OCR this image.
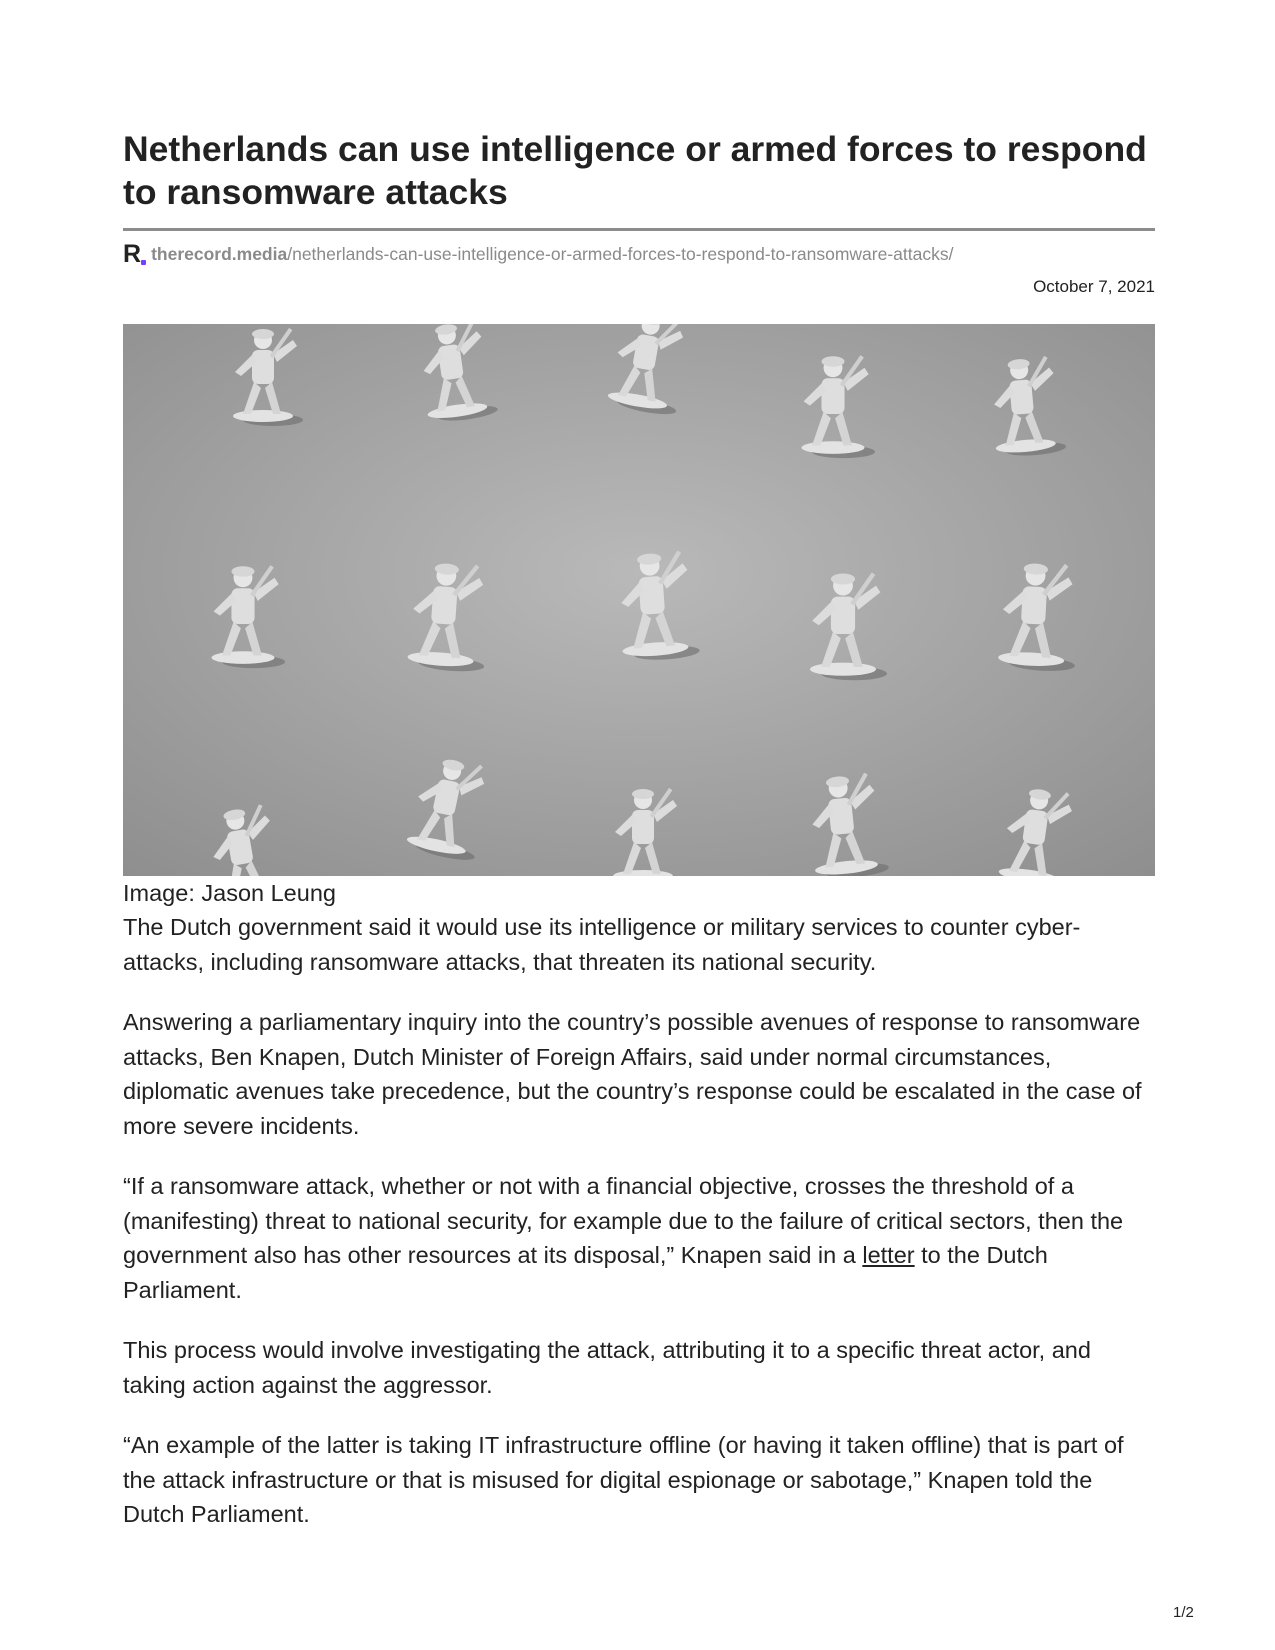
Netherlands can use intelligence or armed forces to respond to ransomware attacks
R therecord.media /netherlands-can-use-intelligence-or-armed-forces-to-respond-to-ransomware-attacks/
October 7, 2021
Image: Jason Leung

The Dutch government said it would use its intelligence or military services to counter cyber-attacks, including ransomware attacks, that threaten its national security.

Answering a parliamentary inquiry into the country’s possible avenues of response to ransomware attacks, Ben Knapen, Dutch Minister of Foreign Affairs, said under normal circumstances, diplomatic avenues take precedence, but the country’s response could be escalated in the case of more severe incidents.

“If a ransomware attack, whether or not with a financial objective, crosses the threshold of a (manifesting) threat to national security, for example due to the failure of critical sectors, then the government also has other resources at its disposal,” Knapen said in a letter to the Dutch Parliament.

This process would involve investigating the attack, attributing it to a specific threat actor, and taking action against the aggressor.

“An example of the latter is taking IT infrastructure offline (or having it taken offline) that is part of the attack infrastructure or that is misused for digital espionage or sabotage,” Knapen told the Dutch Parliament.

1/2
